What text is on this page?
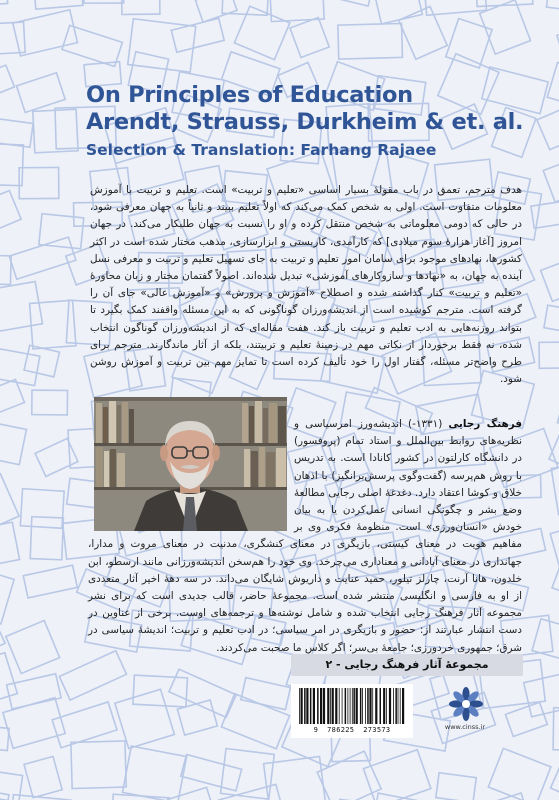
On Principles of Education
Arendt, Strauss, Durkheim & et. al.
Selection & Translation: Farhang Rajaee
هدف مترجم، تعمق در باب مقولهٔ بسیار اساسی «تعلیم و تربیت» است. تعلیم و تربیت با آموزش معلومات متفاوت است. اولی به شخص کمک می‌کند که اولاً تعلیم ببیند و ثانیاً به جهان معرفی شود، در حالی که دومی معلوماتی به شخص منتقل کرده و او را نسبت به جهان طلبکار می‌کند. در جهان امروز [آغاز هزارهٔ سوم میلادی] که کارآمدی، کاربستی و ابزارسازی، مذهب مختار شده است در اکثر کشورها، نهادهای موجود برای سامان امور تعلیم و تربیت به جای تسهیل تعلیم و تربیت و معرفی نسل آینده به جهان، به «نهادها و سازوکارهای آموزشی» تبدیل شده‌اند. اصولاً گفتمان مختار و زبان محاورهٔ «تعلیم و تربیت» کنار گذاشته شده و اصطلاح «آموزش و پرورش» و «آموزش عالی» جای آن را گرفته است. مترجم کوشیده است از اندیشه‌ورزان گوناگونی که به این مسئله واقفند کمک بگیرد تا بتواند روزنه‌هایی به ادب تعلیم و تربیت باز کند. هفت مقاله‌ای که از اندیشه‌ورزان گوناگون انتخاب شده، نه فقط برخوردار از نکاتی مهم در زمینهٔ تعلیم و تربیتند، بلکه از آثار ماندگارند. مترجم برای طرح واضح‌تر مسئله، گفتار اول را خود تألیف کرده است تا تمایز مهم بین تربیت و آموزش روشن شود.
فرهنگ رجایی (۱۳۳۱-) اندیشه‌ورز امرسیاسی و نظریه‌های روابط بین‌الملل و استاد تمام (پروفسور) در دانشگاه کارلتون در کشور کانادا است. به تدریس با روش هم‌پرسه (گفت‌وگوی پرسش‌برانگیز) با اذهان خلاق و کوشا اعتقاد دارد. دغدغهٔ اصلی رجایی مطالعهٔ وضع بشر و چگونگی انسانی عمل‌کردن یا به بیان خودش «انسان‌ورزی» است. منظومهٔ فکری وی بر مفاهیم هویت در معنای کیستی، بازیگری در معنای کنشگری، مدنیت در معنای مروت و مدارا، جهانداری در معنای آبادانی و معناداری می‌چرخد. وی خود را هم‌سخن اندیشه‌ورزانی مانند ارسطو، ابن خلدون، هانا آرنت، چارلز تیلور، حمید عنایت و داریوش شایگان می‌داند. در سه دههٔ اخیر آثار متعددی از او به فارسی و انگلیسی منتشر شده است. مجموعهٔ حاضر، قالب جدیدی است که برای نشر مجموعه آثار فرهنگ رجایی انتخاب شده و شامل نوشته‌ها و ترجمه‌های اوست. برخی از عناوین در دست انتشار عبارتند از: حضور و بازیگری در امر سیاسی؛ در ادب تعلیم و تربیت؛ اندیشهٔ سیاسی در شرق؛ جمهوری خردورزی؛ جامعهٔ بی‌سر؛ اگر کلاس ما صحبت می‌کردند.
مجموعهٔ آثار فرهنگ رجایی - ۲
9  786225  273573	www.cinss.ir
